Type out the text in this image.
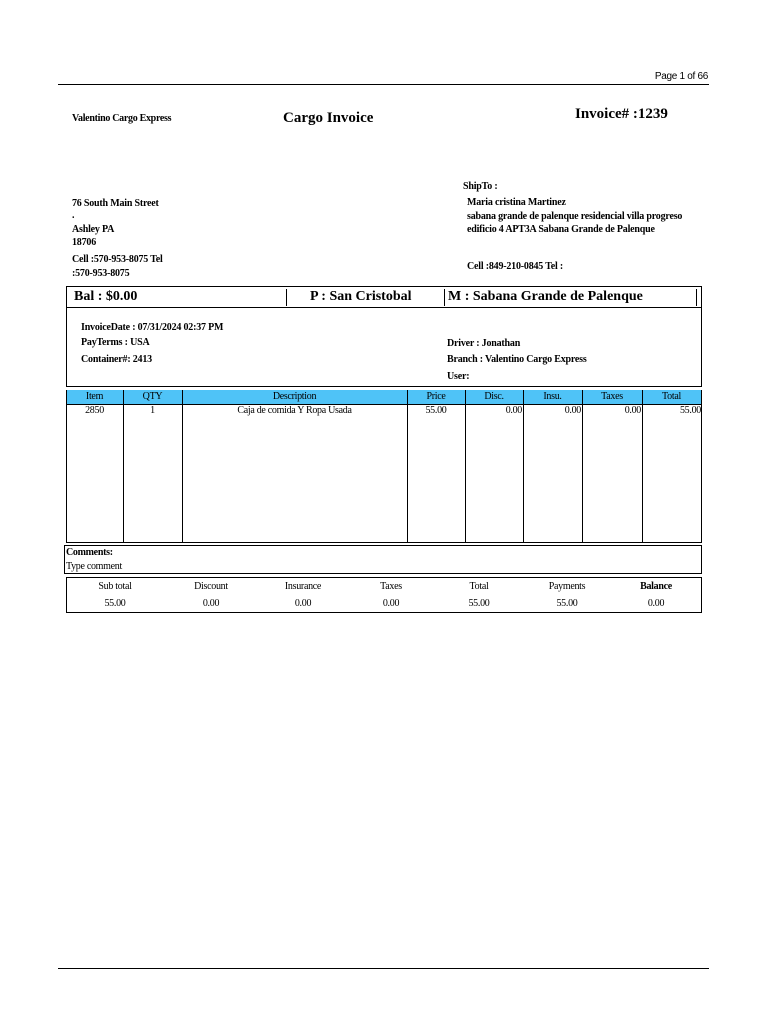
Page 1 of 66
Valentino Cargo Express	Cargo Invoice	Invoice# :1239
76 South Main Street
.
Ashley PA
18706
Cell :570-953-8075 Tel
:570-953-8075
ShipTo :
Maria cristina Martinez
sabana grande de palenque residencial villa progreso
edificio 4 APT3A Sabana Grande de Palenque
Cell :849-210-0845 Tel :
Bal : $0.00	P : San Cristobal	M : Sabana Grande de Palenque
InvoiceDate : 07/31/2024 02:37 PM
PayTerms : USA
Container#: 2413
Driver : Jonathan
Branch : Valentino Cargo Express
User:
Item	QTY	Description	Price	Disc.	Insu.	Taxes	Total
2850	1	Caja de comida Y Ropa Usada	55.00	0.00	0.00	0.00	55.00
Comments:
Type comment
Sub total	Discount	Insurance	Taxes	Total	Payments	Balance
55.00	0.00	0.00	0.00	55.00	55.00	0.00
